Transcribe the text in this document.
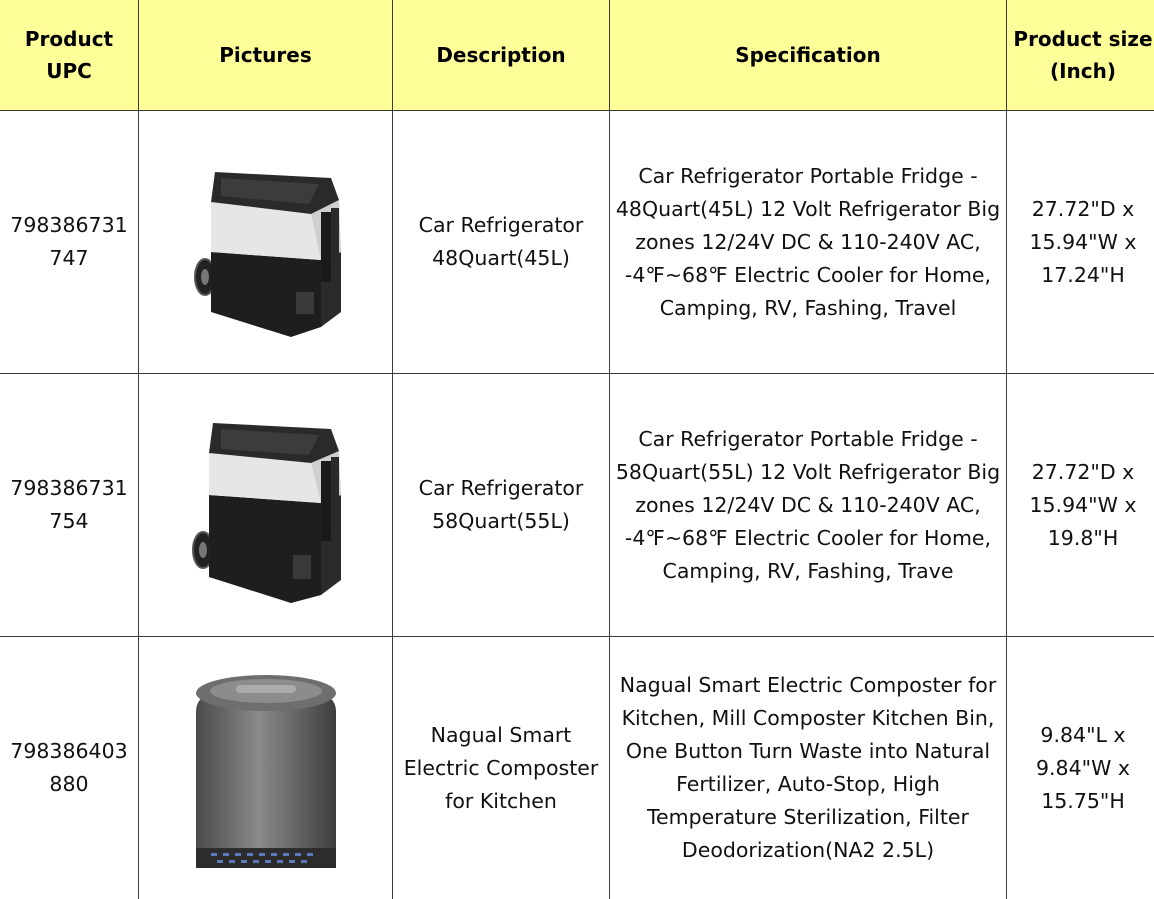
Product UPC	Pictures	Description	Specification	Product size (Inch)
798386731747		Car Refrigerator 48Quart(45L)	Car Refrigerator Portable Fridge - 48Quart(45L) 12 Volt Refrigerator Big zones 12/24V DC & 110-240V AC, -4℉~68℉ Electric Cooler for Home, Camping, RV, Fashing, Travel	27.72"D x 15.94"W x 17.24"H
798386731754		Car Refrigerator 58Quart(55L)	Car Refrigerator Portable Fridge - 58Quart(55L) 12 Volt Refrigerator Big zones 12/24V DC & 110-240V AC, -4℉~68℉ Electric Cooler for Home, Camping, RV, Fashing, Trave	27.72"D x 15.94"W x 19.8"H
798386403880		Nagual Smart Electric Composter for Kitchen	Nagual Smart Electric Composter for Kitchen, Mill Composter Kitchen Bin, One Button Turn Waste into Natural Fertilizer, Auto-Stop, High Temperature Sterilization, Filter Deodorization(NA2 2.5L)	9.84"L x 9.84"W x 15.75"H
